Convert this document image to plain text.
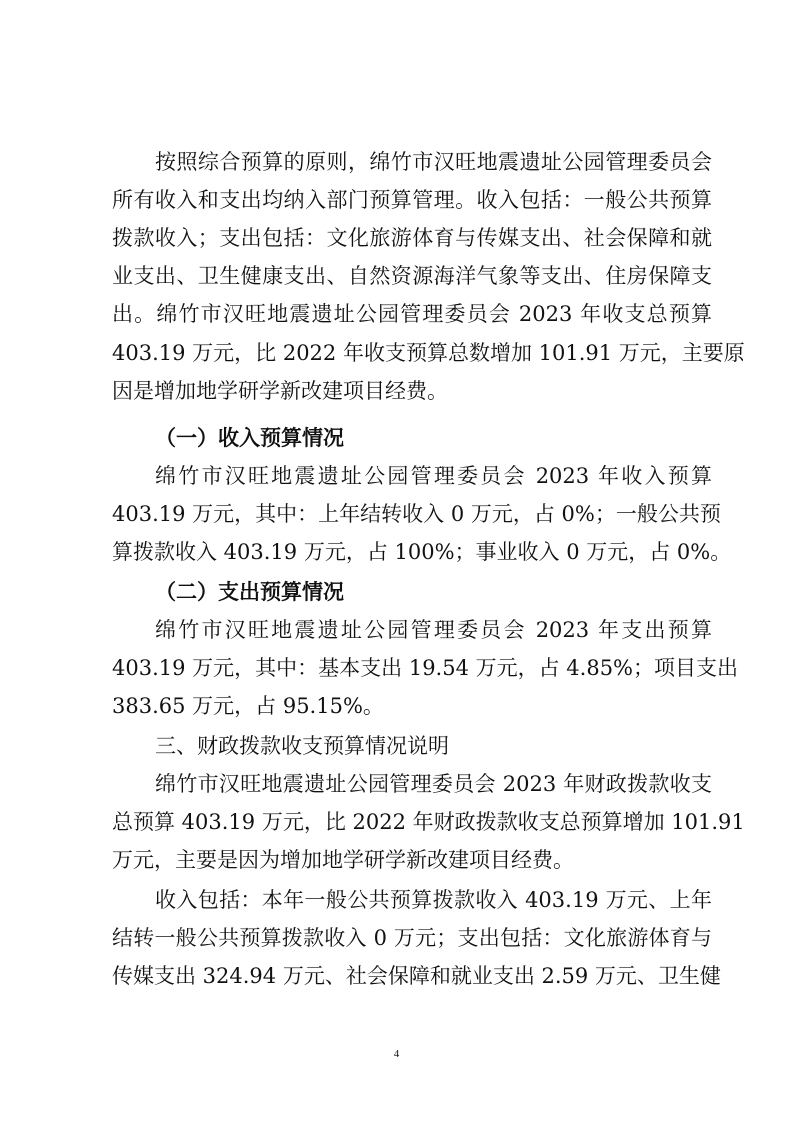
按照综合预算的原则，绵竹市汉旺地震遗址公园管理委员会
所有收入和支出均纳入部门预算管理。收入包括：一般公共预算
拨款收入；支出包括：文化旅游体育与传媒支出、社会保障和就
业支出、卫生健康支出、自然资源海洋气象等支出、住房保障支
出。绵竹市汉旺地震遗址公园管理委员会 2023 年收支总预算
403.19 万元，比 2022 年收支预算总数增加 101.91 万元，主要原
因是增加地学研学新改建项目经费。
（一）收入预算情况
绵竹市汉旺地震遗址公园管理委员会 2023 年收入预算
403.19 万元，其中：上年结转收入 0 万元，占 0%；一般公共预
算拨款收入 403.19 万元，占 100%；事业收入 0 万元，占 0%。
（二）支出预算情况
绵竹市汉旺地震遗址公园管理委员会 2023 年支出预算
403.19 万元，其中：基本支出 19.54 万元，占 4.85%；项目支出
383.65 万元，占 95.15%。
三、财政拨款收支预算情况说明
绵竹市汉旺地震遗址公园管理委员会 2023 年财政拨款收支
总预算 403.19 万元，比 2022 年财政拨款收支总预算增加 101.91
万元，主要是因为增加地学研学新改建项目经费。
收入包括：本年一般公共预算拨款收入 403.19 万元、上年
结转一般公共预算拨款收入 0 万元；支出包括：文化旅游体育与
传媒支出 324.94 万元、社会保障和就业支出 2.59 万元、卫生健
4
